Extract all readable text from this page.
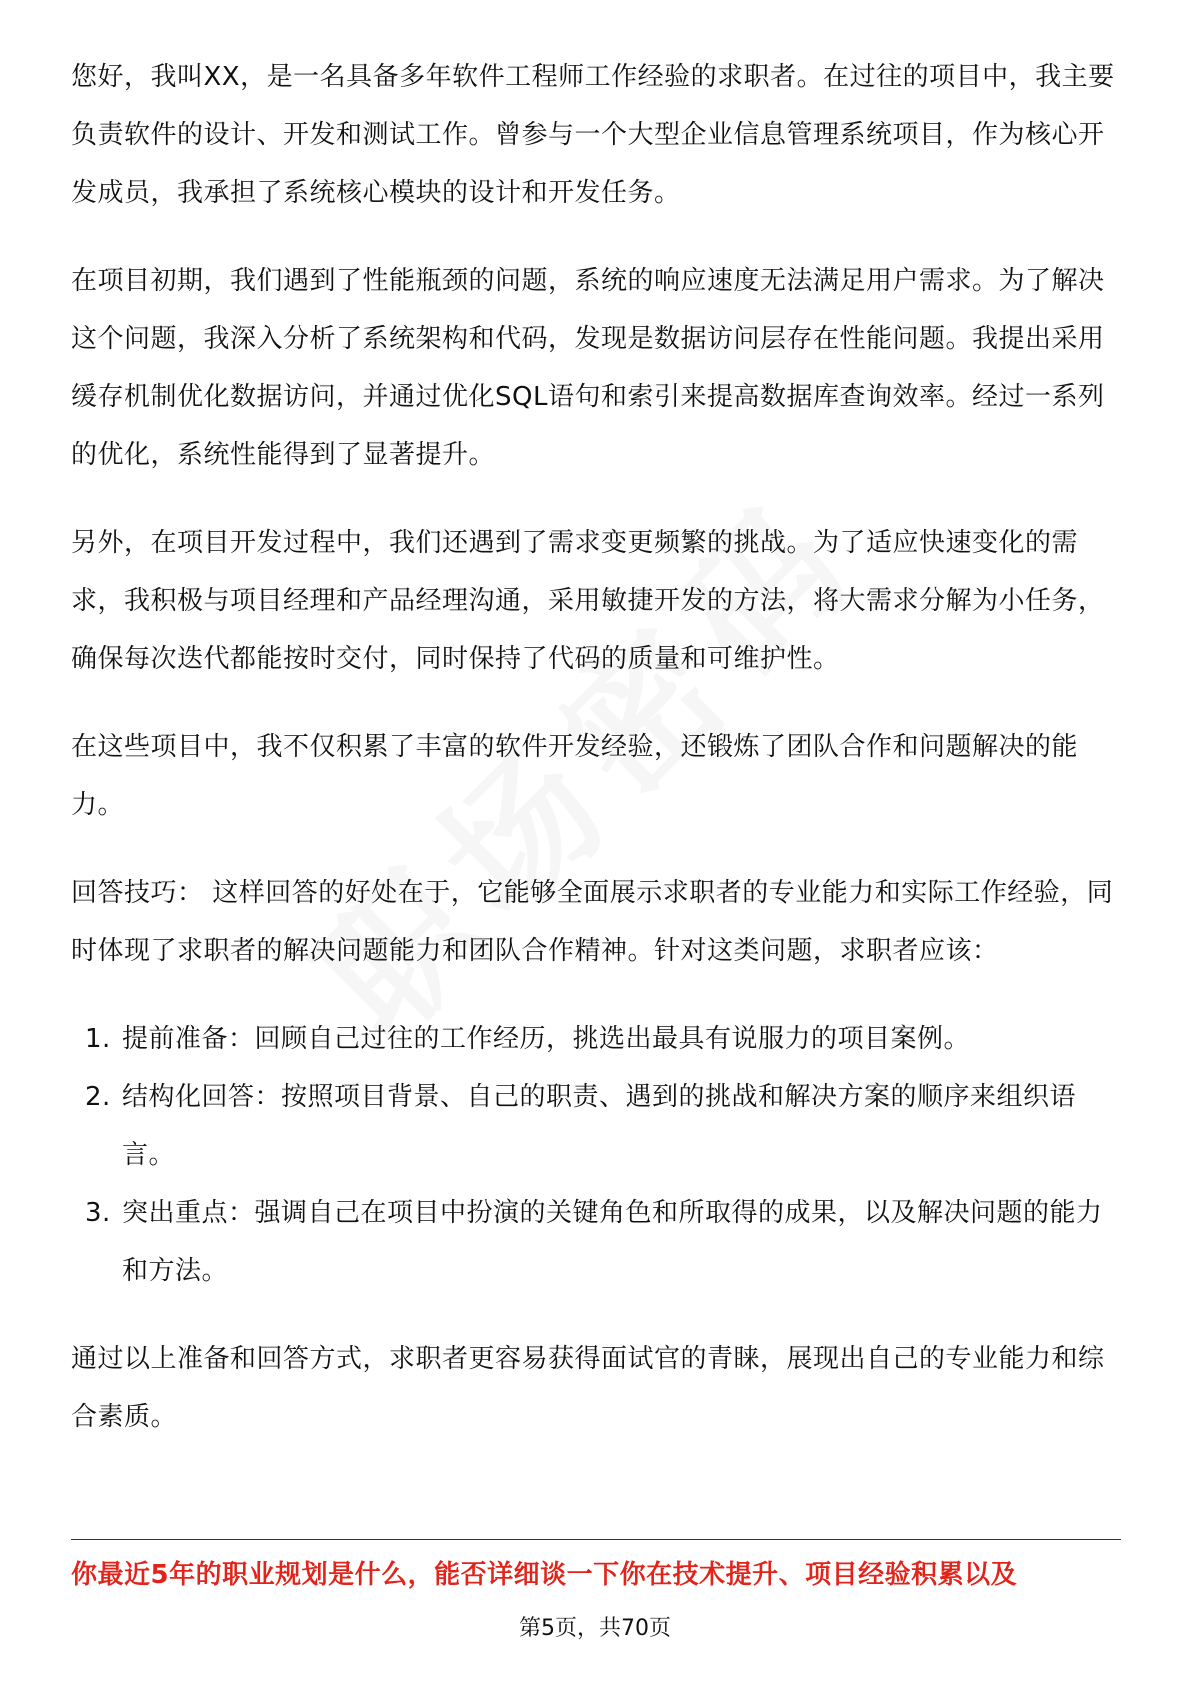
您好，我叫XX，是一名具备多年软件工程师工作经验的求职者。在过往的项目中，我主要负责软件的设计、开发和测试工作。曾参与一个大型企业信息管理系统项目，作为核心开发成员，我承担了系统核心模块的设计和开发任务。

在项目初期，我们遇到了性能瓶颈的问题，系统的响应速度无法满足用户需求。为了解决这个问题，我深入分析了系统架构和代码，发现是数据访问层存在性能问题。我提出采用缓存机制优化数据访问，并通过优化SQL语句和索引来提高数据库查询效率。经过一系列的优化，系统性能得到了显著提升。

另外，在项目开发过程中，我们还遇到了需求变更频繁的挑战。为了适应快速变化的需求，我积极与项目经理和产品经理沟通，采用敏捷开发的方法，将大需求分解为小任务，确保每次迭代都能按时交付，同时保持了代码的质量和可维护性。

在这些项目中，我不仅积累了丰富的软件开发经验，还锻炼了团队合作和问题解决的能力。

回答技巧： 这样回答的好处在于，它能够全面展示求职者的专业能力和实际工作经验，同时体现了求职者的解决问题能力和团队合作精神。针对这类问题，求职者应该：

1. 提前准备：回顾自己过往的工作经历，挑选出最具有说服力的项目案例。
2. 结构化回答：按照项目背景、自己的职责、遇到的挑战和解决方案的顺序来组织语言。
3. 突出重点：强调自己在项目中扮演的关键角色和所取得的成果，以及解决问题的能力和方法。

通过以上准备和回答方式，求职者更容易获得面试官的青睐，展现出自己的专业能力和综合素质。

你最近5年的职业规划是什么，能否详细谈一下你在技术提升、项目经验积累以及
第5页，共70页
